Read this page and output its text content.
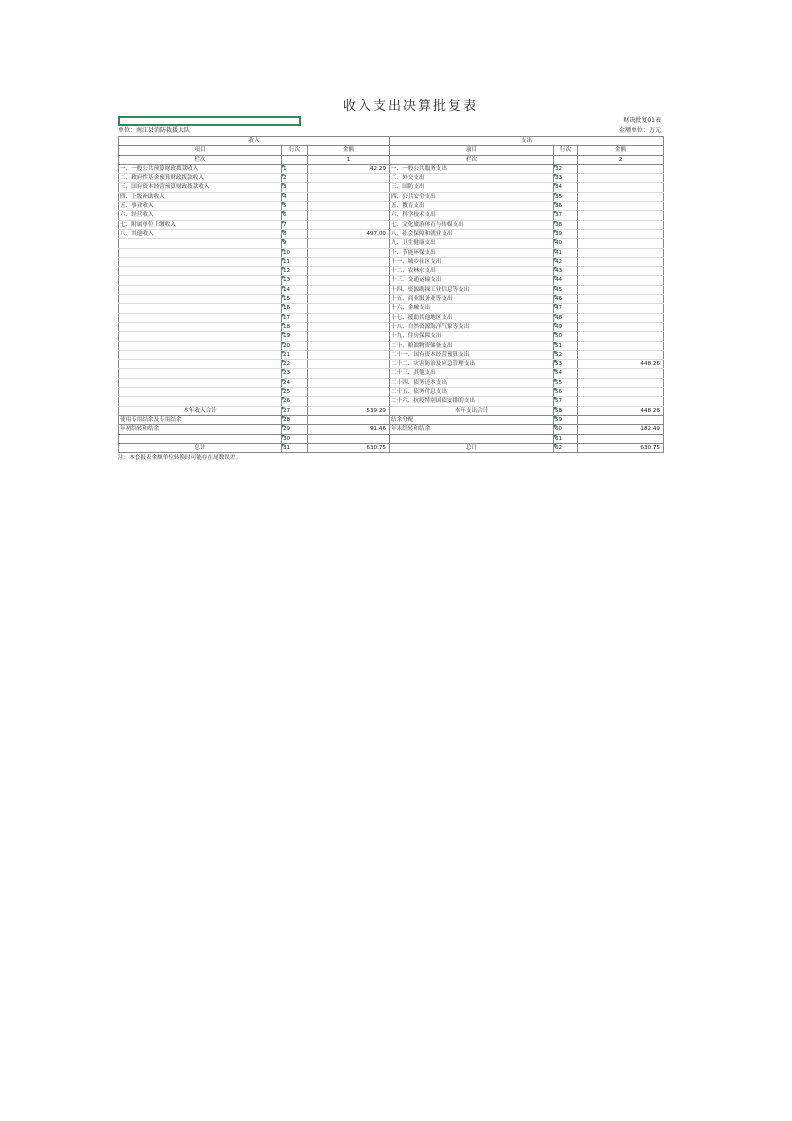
收入支出决算批复表
财决批复01表
单位：南江县消防救援大队	金额单位：万元
收入			支出		
项目	行次	金额	项目	行次	金额
栏次		1	栏次		2
一、一般公共预算财政拨款收入	1	42.29	一、一般公共服务支出	32	
二、政府性基金预算财政拨款收入	2		二、外交支出	33	
三、国有资本经营预算财政拨款收入	3		三、国防支出	34	
四、上级补助收入	4		四、公共安全支出	35	
五、事业收入	5		五、教育支出	36	
六、经营收入	6		六、科学技术支出	37	
七、附属单位上缴收入	7		七、文化旅游体育与传媒支出	38	
八、其他收入	8	497.00	八、社会保障和就业支出	39	
	9		九、卫生健康支出	40	
	10		十、节能环保支出	41	
	11		十一、城乡社区支出	42	
	12		十二、农林水支出	43	
	13		十三、交通运输支出	44	
	14		十四、资源勘探工业信息等支出	45	
	15		十五、商业服务业等支出	46	
	16		十六、金融支出	47	
	17		十七、援助其他地区支出	48	
	18		十八、自然资源海洋气象等支出	49	
	19		十九、住房保障支出	50	
	20		二十、粮油物资储备支出	51	
	21		二十一、国有资本经营预算支出	52	
	22		二十二、灾害防治及应急管理支出	53	448.26
	23		二十三、其他支出	54	
	24		二十四、债务还本支出	55	
	25		二十五、债务付息支出	56	
	26		二十六、抗疫特别国债安排的支出	57	
本年收入合计	27	539.29	本年支出合计	58	448.26
使用专用结余及专用结余	28		结余分配	59	
年初结转和结余	29	91.46	年末结转和结余	60	182.49
	30			61	
总计	31	630.75	总计	62	630.75
注：本套报表金额单位转换时可能存在尾数误差。
